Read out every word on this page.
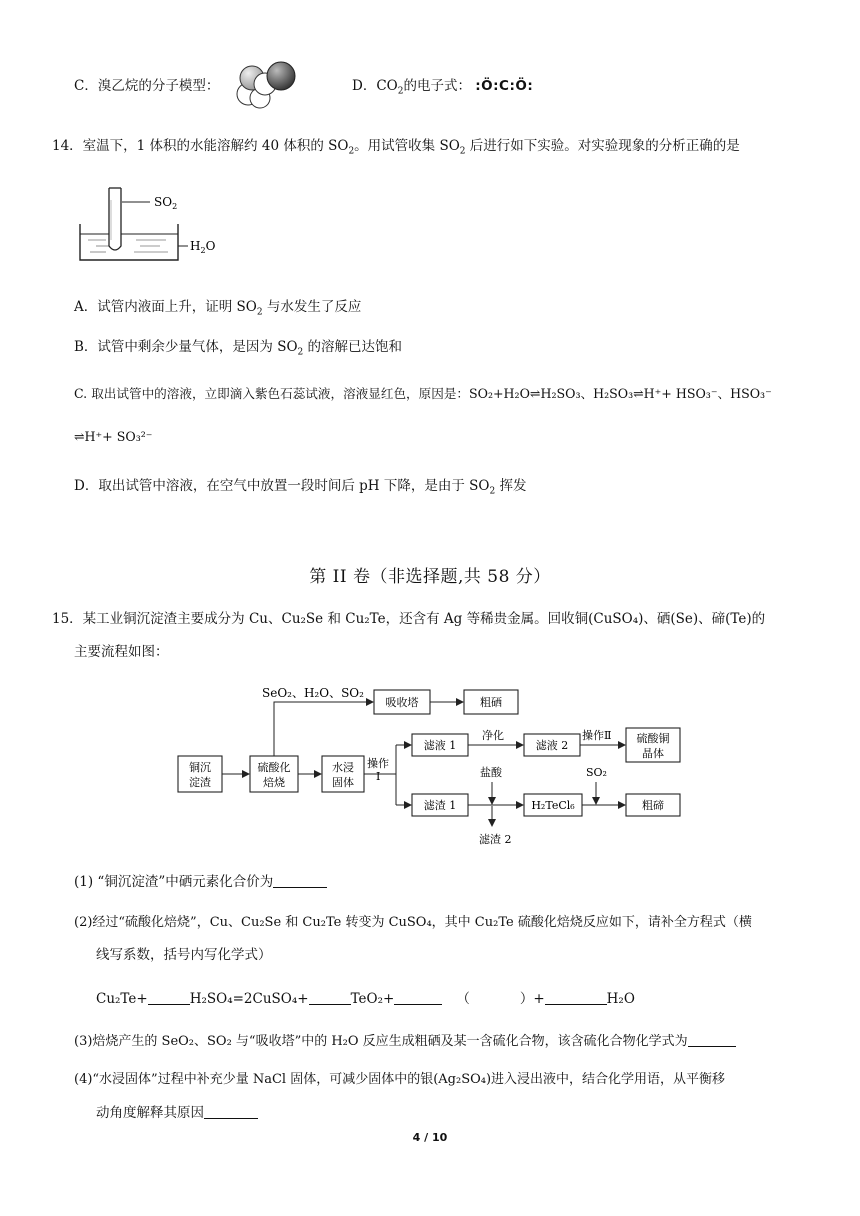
C．溴乙烷的分子模型：	D．$CO_2$的电子式： :Ö:C:Ö:
14．室温下，1 体积的水能溶解约 40 体积的 $SO_2$。用试管收集 $SO_2$ 后进行如下实验。对实验现象的分析正确的是
$SO_2$
$H_2O$
A．试管内液面上升，证明 $SO_2$ 与水发生了反应
B．试管中剩余少量气体，是因为 $SO_2$ 的溶解已达饱和
C. 取出试管中的溶液，立即滴入紫色石蕊试液，溶液显红色，原因是：SO₂+H₂O⇌H₂SO₃、H₂SO₃⇌H⁺+ HSO₃⁻、HSO₃⁻
⇌H⁺+ SO₃²⁻
D．取出试管中溶液，在空气中放置一段时间后 pH 下降，是由于 $SO_2$ 挥发
第 II 卷（非选择题,共 58 分）
15．某工业铜沉淀渣主要成分为 Cu、Cu₂Se 和 Cu₂Te，还含有 Ag 等稀贵金属。回收铜(CuSO₄)、硒(Se)、碲(Te)的
主要流程如图：
SeO₂、H₂O、SO₂
铜沉
淀渣
硫酸化
焙烧
水浸
固体
吸收塔	粗硒
滤液 1	滤液 2
硫酸铜
晶体
滤渣 1	H₂TeCl₆	粗碲
操作
Ⅰ
净化	操作Ⅱ
盐酸
滤渣 2
SO₂
(1) “铜沉淀渣”中硒元素化合价为
(2)经过“硫酸化焙烧”，Cu、Cu₂Se 和 Cu₂Te 转变为 CuSO₄，其中 Cu₂Te 硫酸化焙烧反应如下，请补全方程式（横
线写系数，括号内写化学式）
Cu₂Te+	H₂SO₄=2CuSO₄+	TeO₂+	（	）+	H₂O
(3)焙烧产生的 SeO₂、SO₂ 与“吸收塔”中的 H₂O 反应生成粗硒及某一含硫化合物，该含硫化合物化学式为
(4)“水浸固体”过程中补充少量 NaCl 固体，可减少固体中的银(Ag₂SO₄)进入浸出液中，结合化学用语，从平衡移
动角度解释其原因
4 / 10
